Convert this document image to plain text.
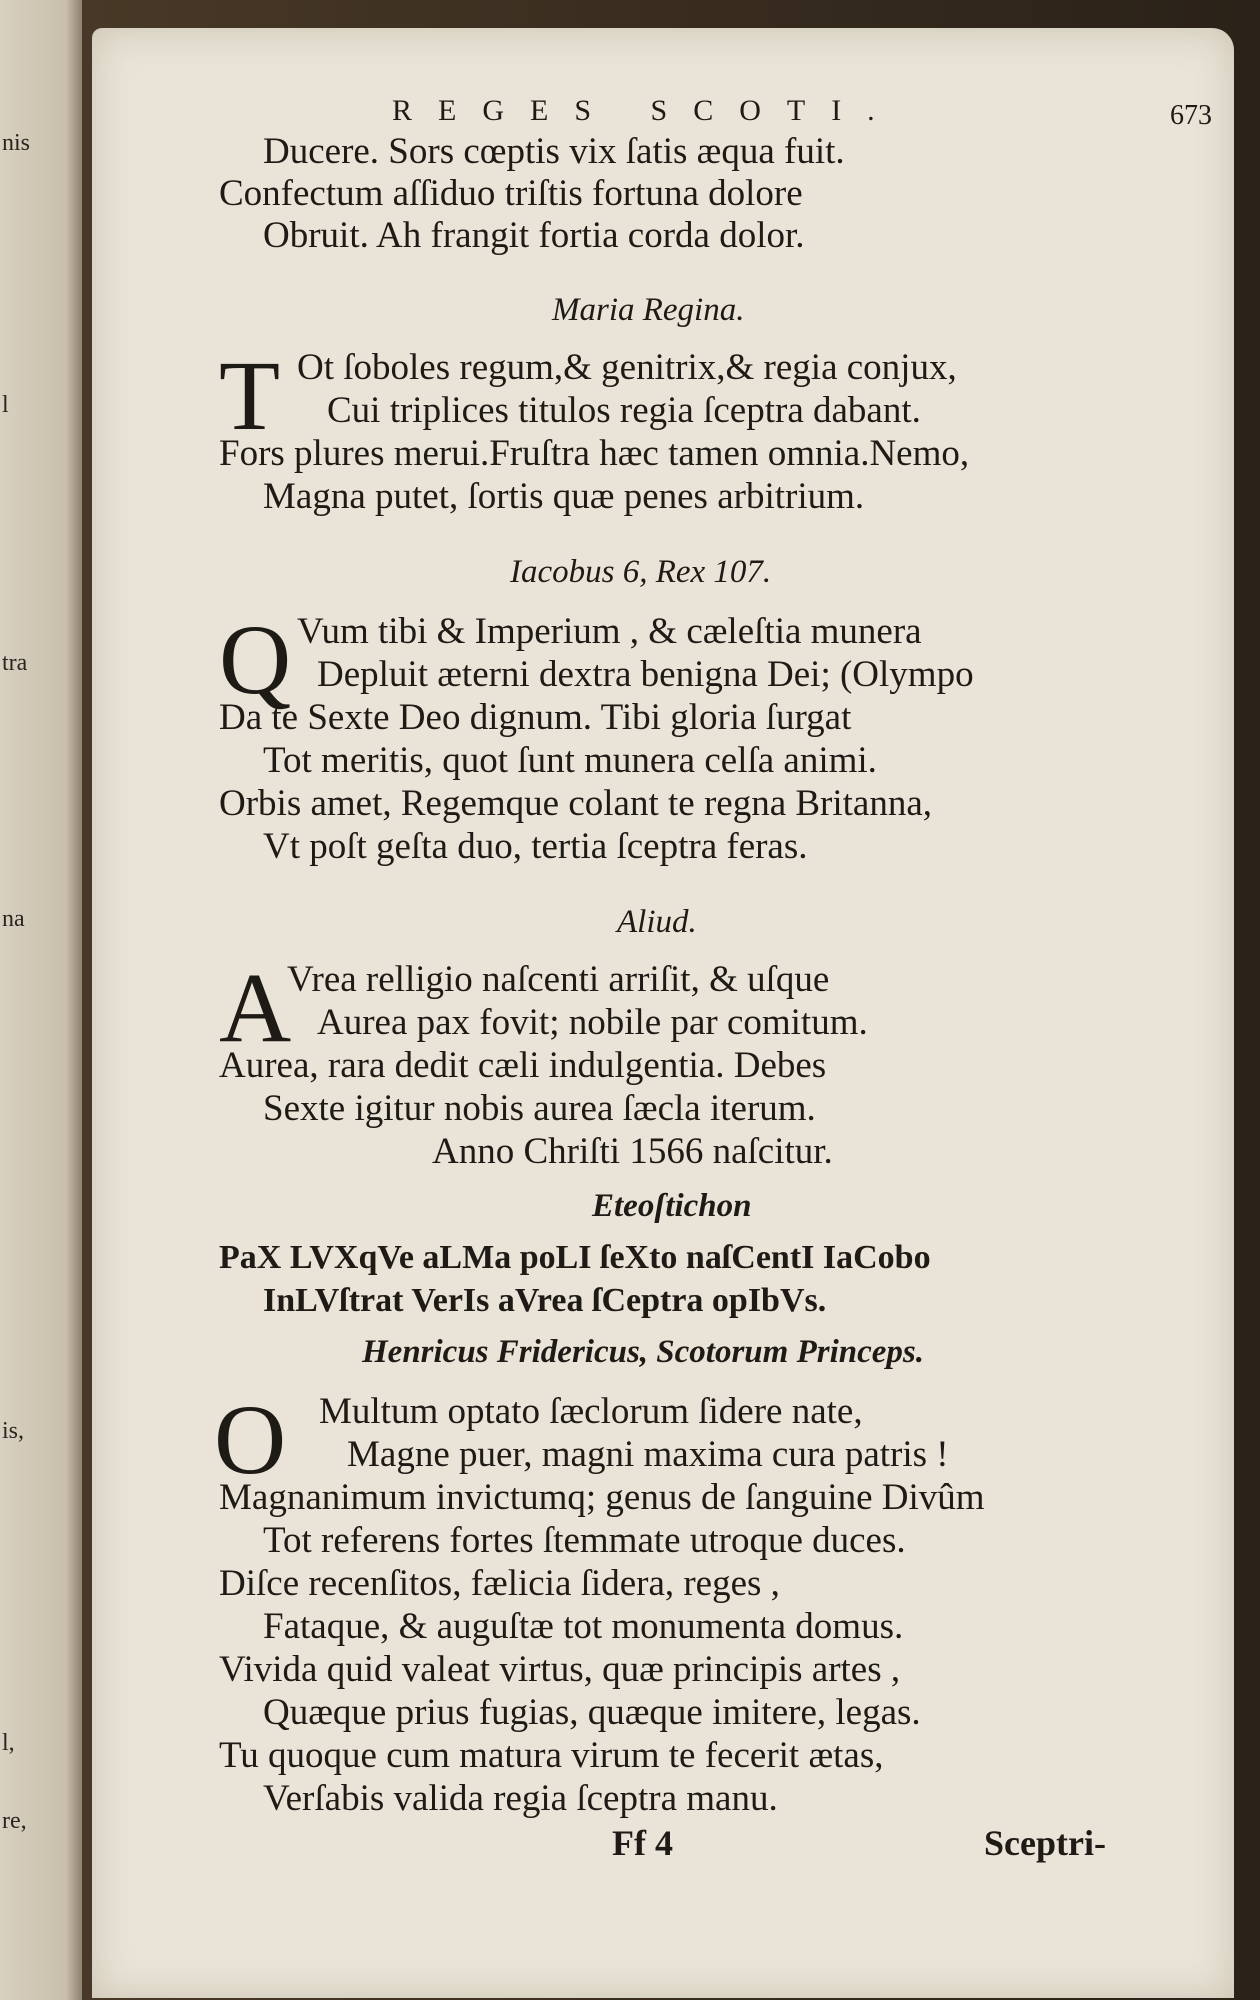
nis
l
tra
na
is,
l,
re,
REGES SCOTI.	673
Ducere. Sors cœptis vix ſatis æqua fuit.
Confectum aſſiduo triſtis fortuna dolore
Obruit. Ah frangit fortia corda dolor.
Maria Regina.
T Ot ſoboles regum,& genitrix,& regia conjux,
Cui triplices titulos regia ſceptra dabant.
Fors plures merui.Fruſtra hæc tamen omnia.Nemo,
Magna putet, ſortis quæ penes arbitrium.
Iacobus 6, Rex 107.
Q Vum tibi & Imperium , & cæleſtia munera
Depluit æterni dextra benigna Dei; (Olympo
Da te Sexte Deo dignum. Tibi gloria ſurgat
Tot meritis, quot ſunt munera celſa animi.
Orbis amet, Regemque colant te regna Britanna,
Vt poſt geſta duo, tertia ſceptra feras.
Aliud.
A
Vrea relligio naſcenti arriſit, & uſque
Aurea pax fovit; nobile par comitum.
Aurea, rara dedit cæli indulgentia. Debes
Sexte igitur nobis aurea ſæcla iterum.
Anno Chriſti 1566 naſcitur.
Eteoſtichon
PaX LVXqVe aLMa poLI ſeXto naſCentI IaCobo
InLVſtrat VerIs aVrea ſCeptra opIbVs.
Henricus Fridericus, Scotorum Princeps.
O Multum optato ſæclorum ſidere nate,
Magne puer, magni maxima cura patris !
Magnanimum invictumq; genus de ſanguine Divûm
Tot referens fortes ſtemmate utroque duces.
Diſce recenſitos, fælicia ſidera, reges ,
Fataque, & auguſtæ tot monumenta domus.
Vivida quid valeat virtus, quæ principis artes ,
Quæque prius fugias, quæque imitere, legas.
Tu quoque cum matura virum te fecerit ætas,
Verſabis valida regia ſceptra manu.
Ff 4	Sceptri-
